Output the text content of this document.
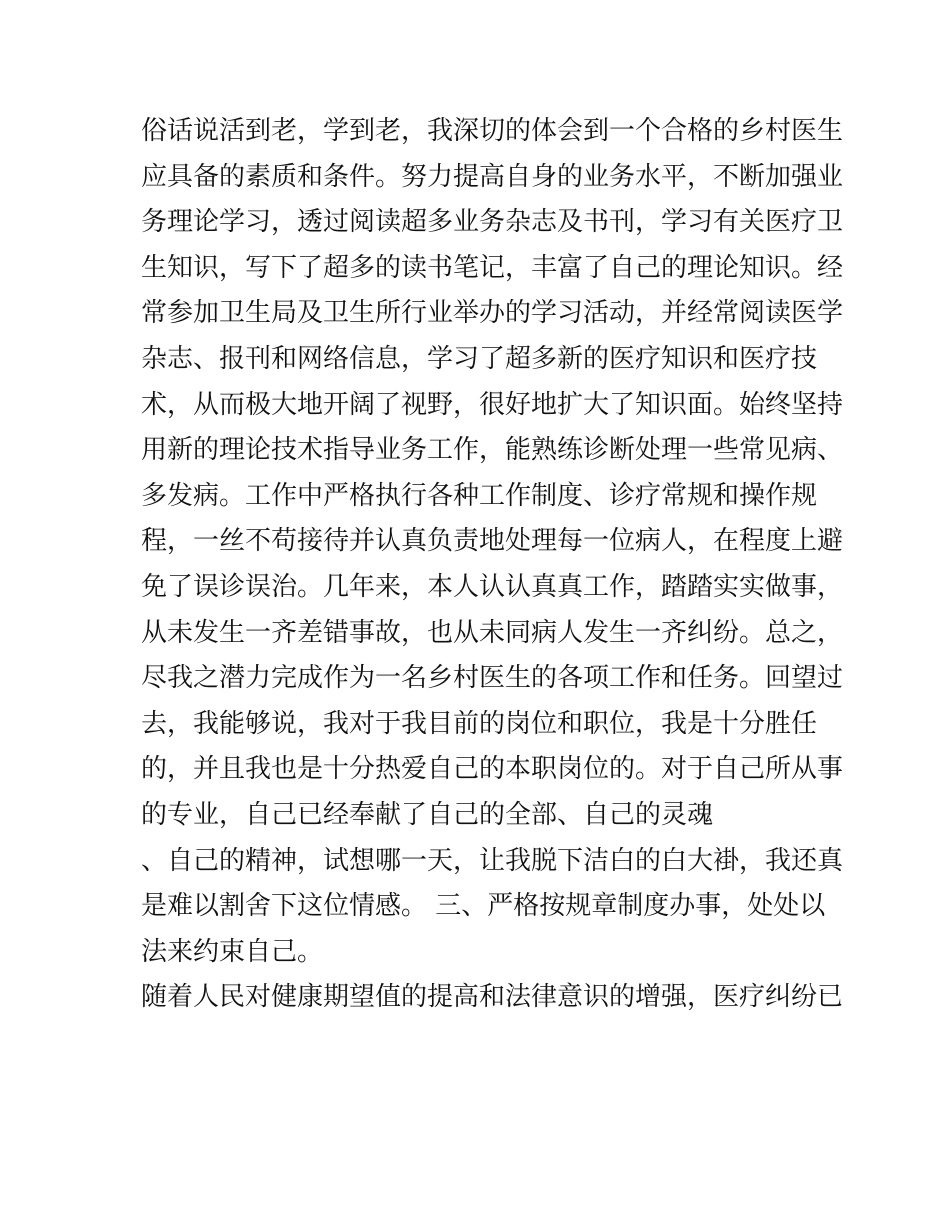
俗话说活到老，学到老，我深切的体会到一个合格的乡村医生
应具备的素质和条件。努力提高自身的业务水平，不断加强业
务理论学习，透过阅读超多业务杂志及书刊，学习有关医疗卫
生知识，写下了超多的读书笔记，丰富了自己的理论知识。经
常参加卫生局及卫生所行业举办的学习活动，并经常阅读医学
杂志、报刊和网络信息，学习了超多新的医疗知识和医疗技
术，从而极大地开阔了视野，很好地扩大了知识面。始终坚持
用新的理论技术指导业务工作，能熟练诊断处理一些常见病、
多发病。工作中严格执行各种工作制度、诊疗常规和操作规
程，一丝不苟接待并认真负责地处理每一位病人，在程度上避
免了误诊误治。几年来，本人认认真真工作，踏踏实实做事，
从未发生一齐差错事故，也从未同病人发生一齐纠纷。总之，
尽我之潜力完成作为一名乡村医生的各项工作和任务。回望过
去，我能够说，我对于我目前的岗位和职位，我是十分胜任
的，并且我也是十分热爱自己的本职岗位的。对于自己所从事
的专业，自己已经奉献了自己的全部、自己的灵魂
、自己的精神，试想哪一天，让我脱下洁白的白大褂，我还真
是难以割舍下这位情感。 三、严格按规章制度办事，处处以
法来约束自己。
随着人民对健康期望值的提高和法律意识的增强，医疗纠纷已
